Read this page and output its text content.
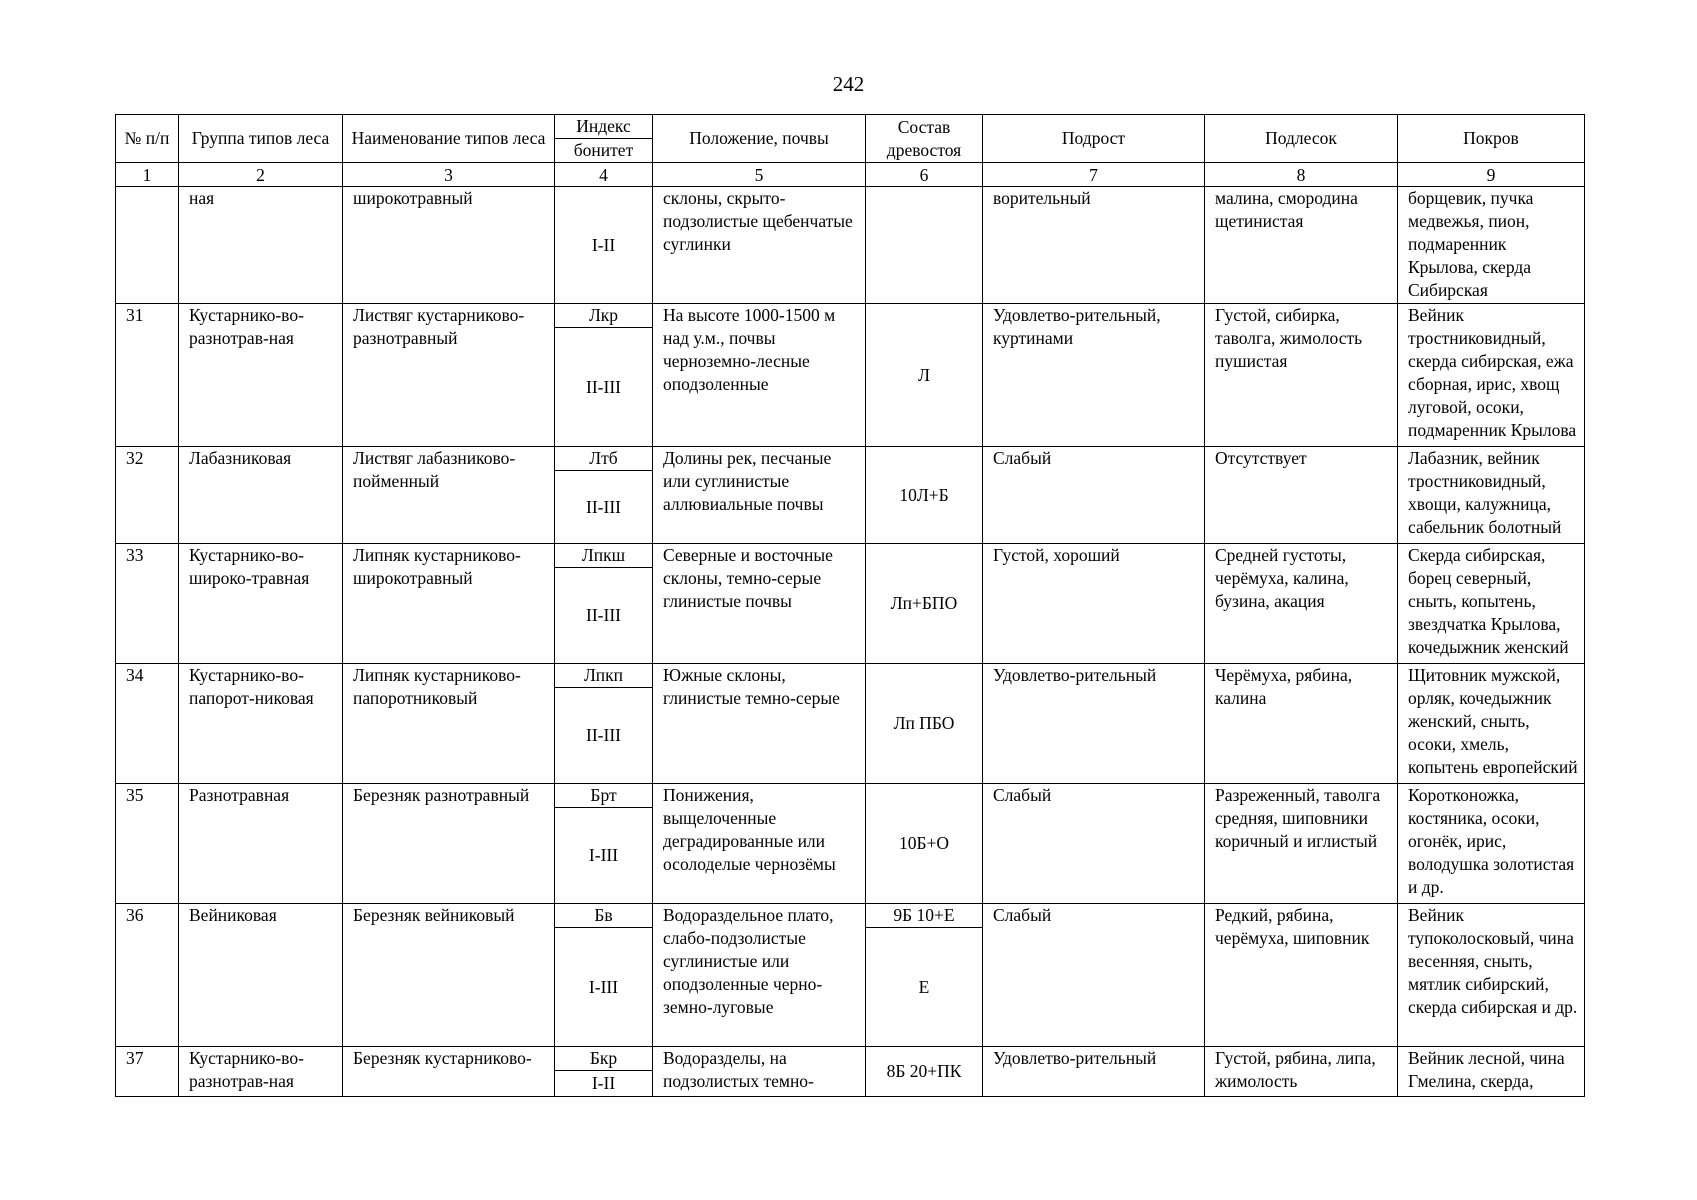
242
№ п/п	Группа типов леса	Наименование типов леса	Индекс	Положение, почвы	Состав древостоя	Подрост	Подлесок	Покров
			бонитет					
1	2	3	4	5	6	7	8	9
	ная	широкотравный	I-II	склоны, скрыто-подзолистые щебенчатые суглинки		ворительный	малина, смородина щетинистая	борщевик, пучка медвежья, пион, подмаренник Крылова, скерда Сибирская
31	Кустарнико-во-разнотрав-ная	Листвяг кустарниково-разнотравный	Лкр	На высоте 1000-1500 м над у.м., почвы черноземно-лесные оподзоленные	Л	Удовлетво-рительный, куртинами	Густой, сибирка, таволга, жимолость пушистая	Вейник тростниковидный, скерда сибирская, ежа сборная, ирис, хвощ луговой, осоки, подмаренник Крылова
			II-III					
32	Лабазниковая	Листвяг лабазниково-пойменный	Лтб	Долины рек, песчаные или суглинистые аллювиальные почвы	10Л+Б	Слабый	Отсутствует	Лабазник, вейник тростниковидный, хвощи, калужница, сабельник болотный
			II-III					
33	Кустарнико-во-широко-травная	Липняк кустарниково-широкотравный	Лпкш	Северные и восточные склоны, темно-серые глинистые почвы	Лп+БПО	Густой, хороший	Средней густоты, черёмуха, калина, бузина, акация	Скерда сибирская, борец северный, сныть, копытень, звездчатка Крылова, кочедыжник женский
			II-III					
34	Кустарнико-во-папорот-никовая	Липняк кустарниково-папоротниковый	Лпкп	Южные склоны, глинистые темно-серые	Лп ПБО	Удовлетво-рительный	Черёмуха, рябина, калина	Щитовник мужской, орляк, кочедыжник женский, сныть, осоки, хмель, копытень европейский
			II-III					
35	Разнотравная	Березняк разнотравный	Брт	Понижения, выщелоченные деградированные или осолоделые чернозёмы	10Б+О	Слабый	Разреженный, таволга средняя, шиповники коричный и иглистый	Коротконожка, костяника, осоки, огонёк, ирис, володушка золотистая и др.
			I-III					
36	Вейниковая	Березняк вейниковый	Бв	Водораздельное плато, слабо-подзолистые суглинистые или оподзоленные черно-земно-луговые	9Б 10+Е	Слабый	Редкий, рябина, черёмуха, шиповник	Вейник тупоколосковый, чина весенняя, сныть, мятлик сибирский, скерда сибирская и др.
			I-III		Е			
37	Кустарнико-во-разнотрав-ная	Березняк кустарниково-	Бкр	Водоразделы, на подзолистых темно-	8Б 20+ПК	Удовлетво-рительный	Густой, рябина, липа, жимолость	Вейник лесной, чина Гмелина, скерда,
			I-II					
